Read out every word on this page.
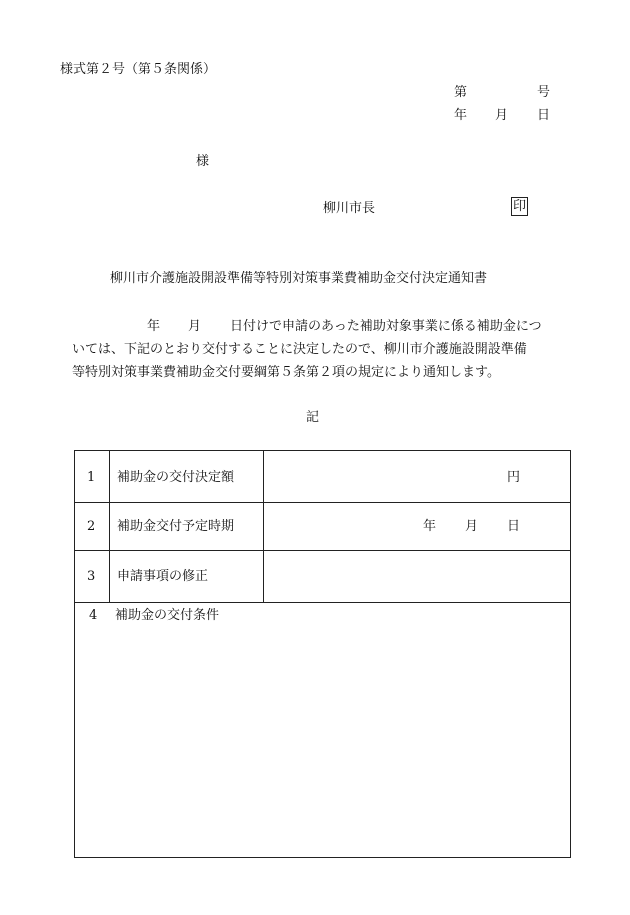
様式第２号（第５条関係）
第	号
年 月 日
様
柳川市長	印
柳川市介護施設開設準備等特別対策事業費補助金交付決定通知書
年 月 日付けで申請のあった補助対象事業に係る補助金につ
いては、下記のとおり交付することに決定したので、柳川市介護施設開設準備
等特別対策事業費補助金交付要綱第５条第２項の規定により通知します。
記
1 補助金の交付決定額	円
2 補助金交付予定時期	年 月 日
3 申請事項の修正
4 補助金の交付条件
